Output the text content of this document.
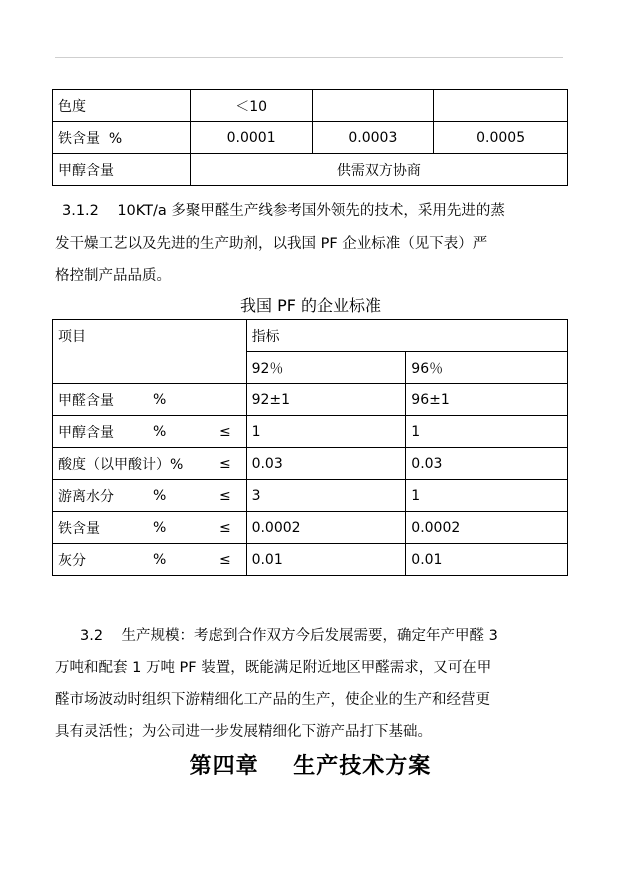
色度	＜10		
铁含量  %	0.0001	0.0003	0.0005
甲醇含量	供需双方协商		
3.1.2    10KT/a 多聚甲醛生产线参考国外领先的技术，采用先进的蒸
发干燥工艺以及先进的生产助剂，以我国 PF 企业标准（见下表）严
格控制产品品质。
我国 PF 的企业标准
项目	指标	
	92％	96％
甲醛含量 %	92±1	96±1
甲醇含量 % ≤	1	1
酸度（以甲酸计）% ≤	0.03	0.03
游离水分 % ≤	3	1
铁含量 % ≤	0.0002	0.0002
灰分 % ≤	0.01	0.01
3.2    生产规模：考虑到合作双方今后发展需要，确定年产甲醛 3
万吨和配套 1 万吨 PF 装置，既能满足附近地区甲醛需求，又可在甲
醛市场波动时组织下游精细化工产品的生产，使企业的生产和经营更
具有灵活性；为公司进一步发展精细化下游产品打下基础。
第四章    生产技术方案
